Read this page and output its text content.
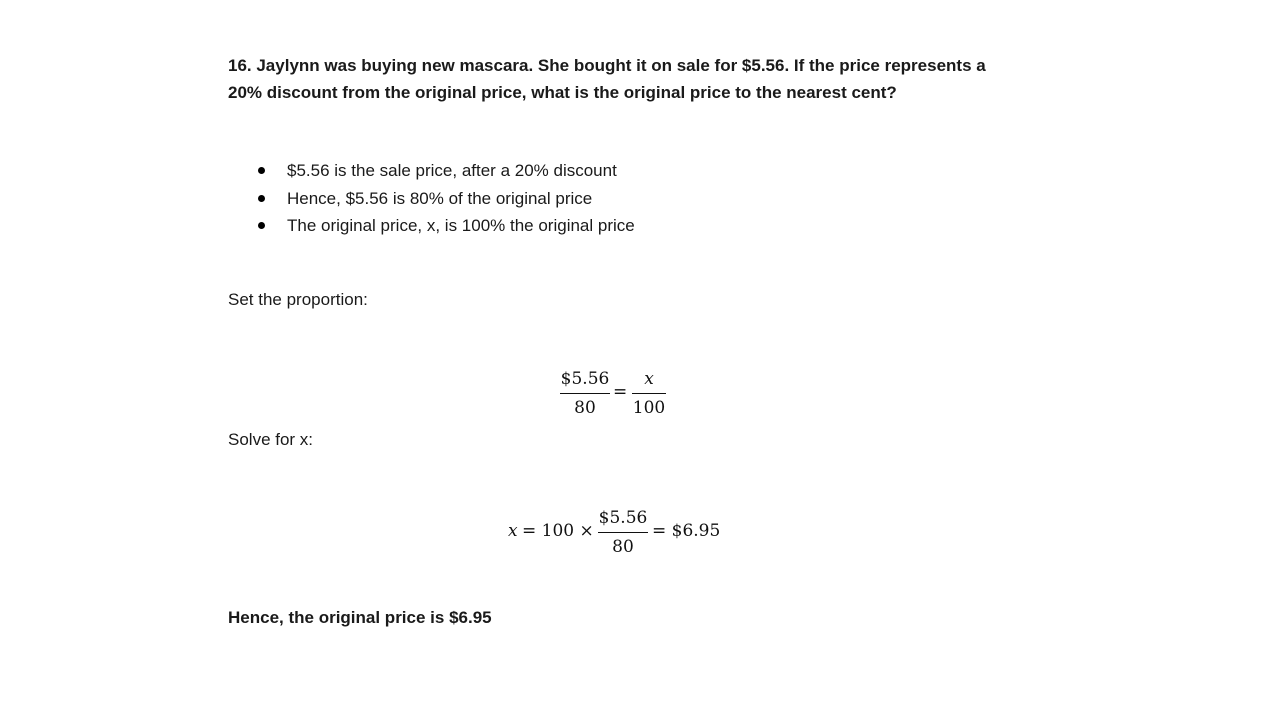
16. Jaylynn was buying new mascara. She bought it on sale for $5.56. If the price represents a
20% discount from the original price, what is the original price to the nearest cent?

$5.56 is the sale price, after a 20% discount
Hence, $5.56 is 80% of the original price
The original price, x, is 100% the original price

Set the proportion:

$5.56
80
=
x
100

Solve for x:

x = 100 ×
$5.56
80
= $6.95

Hence, the original price is $6.95
